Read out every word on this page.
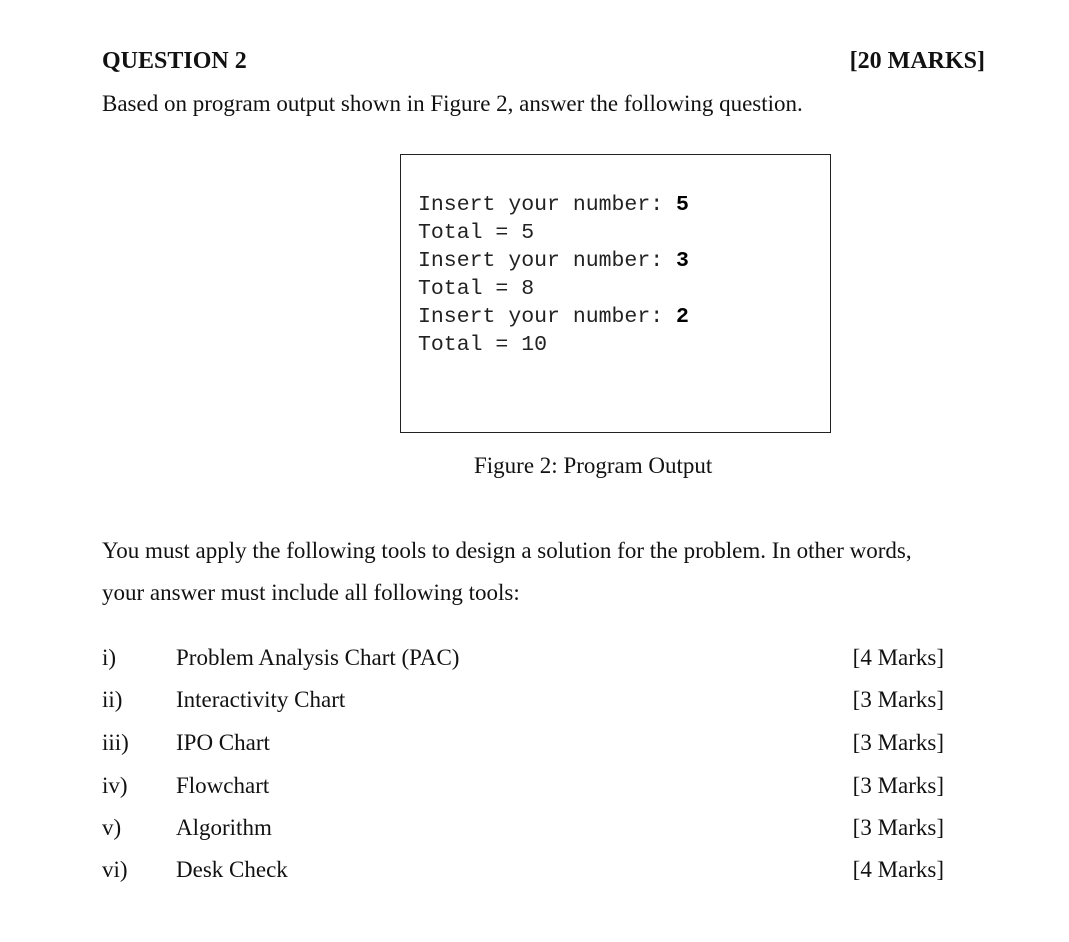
QUESTION 2	[20 MARKS]
Based on program output shown in Figure 2, answer the following question.
Insert your number: 5
Total = 5
Insert your number: 3
Total = 8
Insert your number: 2
Total = 10
Figure 2: Program Output
You must apply the following tools to design a solution for the problem. In other words,
your answer must include all following tools:
i)	Problem Analysis Chart (PAC)	[4 Marks]
ii) Interactivity Chart	[3 Marks]
iii) IPO Chart	[3 Marks]
iv) Flowchart	[3 Marks]
v) Algorithm	[3 Marks]
vi) Desk Check	[4 Marks]
